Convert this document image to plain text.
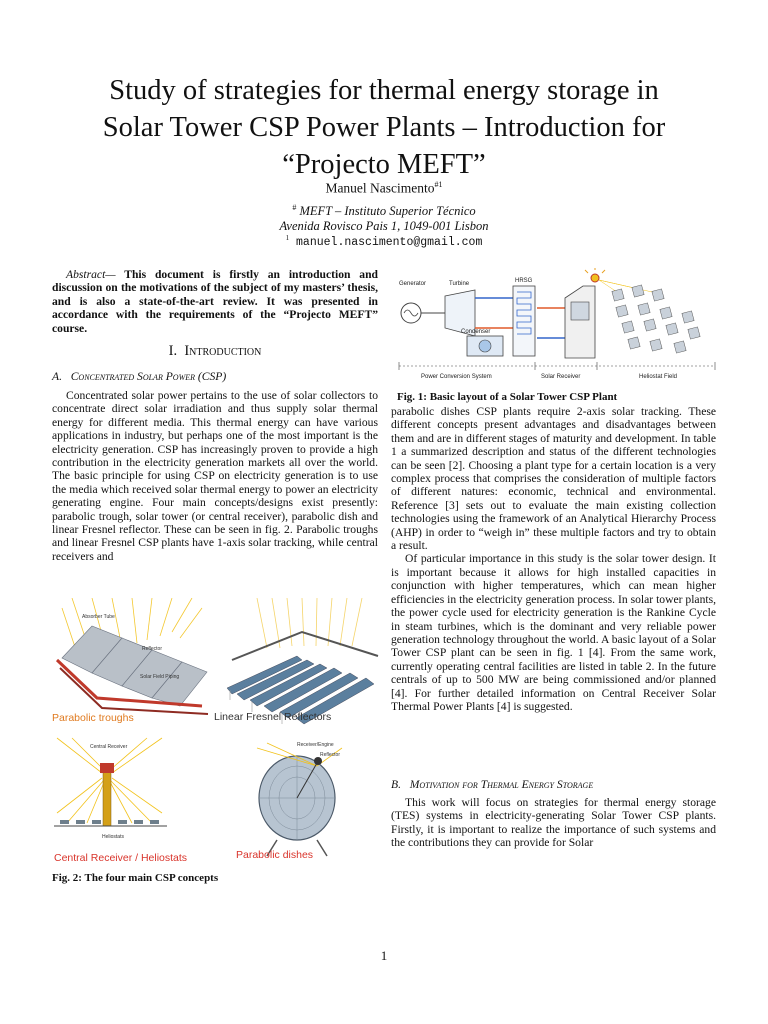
Study of strategies for thermal energy storage in
Solar Tower CSP Power Plants – Introduction for
“Projecto MEFT”
Manuel Nascimento$^{\#1}$
# MEFT – Instituto Superior Técnico
Avenida Rovisco Pais 1, 1049-001 Lisbon
$^1$ manuel.nascimento@gmail.com
Abstract— This document is firstly an introduction and discussion on the motivations of the subject of my masters’ thesis, and is also a state-of-the-art review. It was presented in accordance with the requirements of the “Projecto MEFT” course.
I. Introduction
A. Concentrated Solar Power (CSP)

Concentrated solar power pertains to the use of solar collectors to concentrate direct solar irradiation and thus supply solar thermal energy for different media. This thermal energy can have various applications in industry, but perhaps one of the most important is the electricity generation. CSP has increasingly proven to provide a high contribution in the electricity generation markets all over the world. The basic principle for using CSP on electricity generation is to use the media which received solar thermal energy to power an electricity generating engine. Four main concepts/designs exist presently: parabolic trough, solar tower (or central receiver), parabolic dish and linear Fresnel reflector. These can be seen in fig. 2. Parabolic troughs and linear Fresnel CSP plants have 1-axis solar tracking, while central receivers and

Absorber Tube
Reflector
Solar Field Piping
Parabolic troughs	Linear Fresnel Reflectors
Central Receiver
Heliostats
Central Receiver / Heliostats
Receiver/Engine
Reflector
Parabolic dishes
Fig. 2: The four main CSP concepts
Generator	Turbine	HRSG
Condenser
Power Conversion System	Solar Receiver	Heliostat Field
Fig. 1: Basic layout of a Solar Tower CSP Plant

parabolic dishes CSP plants require 2-axis solar tracking. These different concepts present advantages and disadvantages between them and are in different stages of maturity and development. In table 1 a summarized description and status of the different technologies can be seen [2]. Choosing a plant type for a certain location is a very complex process that comprises the consideration of multiple factors of different natures: economic, technical and environmental. Reference [3] sets out to evaluate the main existing collection technologies using the framework of an Analytical Hierarchy Process (AHP) in order to “weigh in” these multiple factors and try to obtain a result.

Of particular importance in this study is the solar tower design. It is important because it allows for high installed capacities in conjunction with higher temperatures, which can mean higher efficiencies in the electricity generation process. In solar tower plants, the power cycle used for electricity generation is the Rankine Cycle in steam turbines, which is the dominant and very reliable power generation technology throughout the world. A basic layout of a Solar Tower CSP plant can be seen in fig. 1 [4]. From the same work, currently operating central facilities are listed in table 2. In the future centrals of up to 500 MW are being commissioned and/or planned [4]. For further detailed information on Central Receiver Solar Thermal Power Plants [4] is suggested.

B. Motivation for Thermal Energy Storage

This work will focus on strategies for thermal energy storage (TES) systems in electricity-generating Solar Tower CSP plants. Firstly, it is important to realize the importance of such systems and the contributions they can provide for Solar

1
